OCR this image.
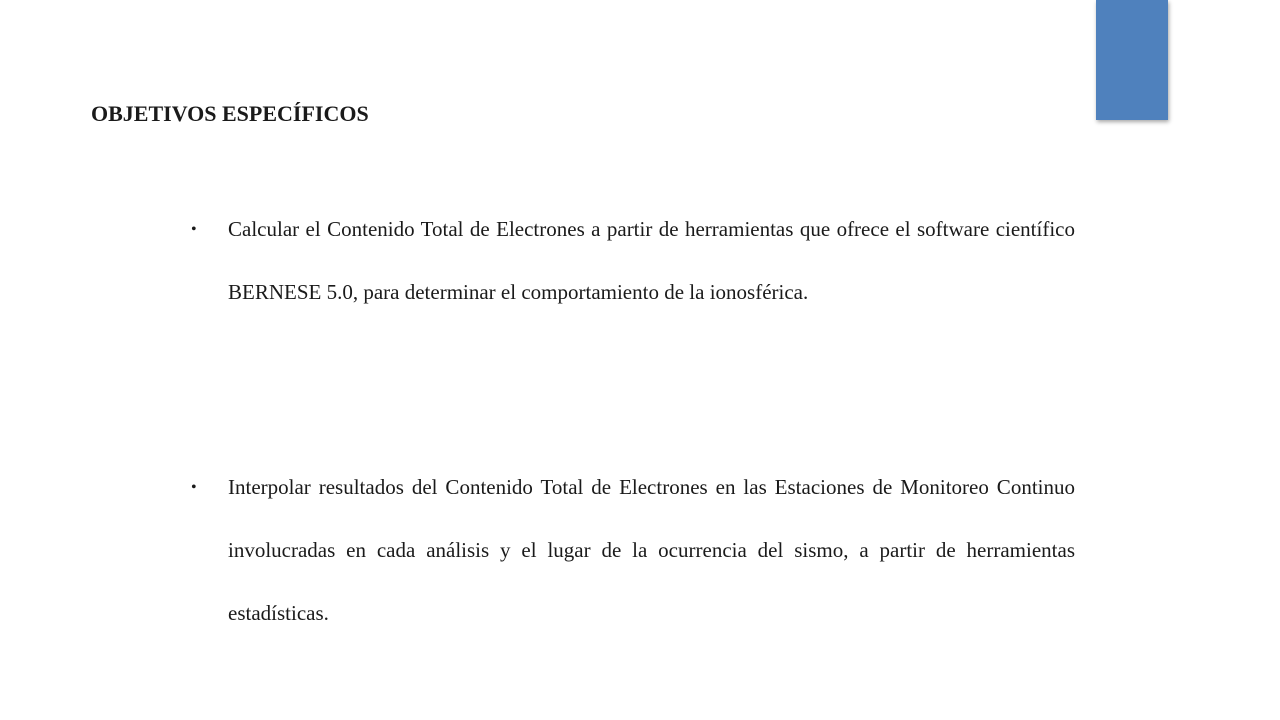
OBJETIVOS ESPECÍFICOS
•	Calcular el Contenido Total de Electrones a partir de herramientas que ofrece el software científico BERNESE 5.0, para determinar el comportamiento de la ionosférica.
•	Interpolar resultados del Contenido Total de Electrones en las Estaciones de Monitoreo Continuo involucradas en cada análisis y el lugar de la ocurrencia del sismo, a partir de herramientas estadísticas.
